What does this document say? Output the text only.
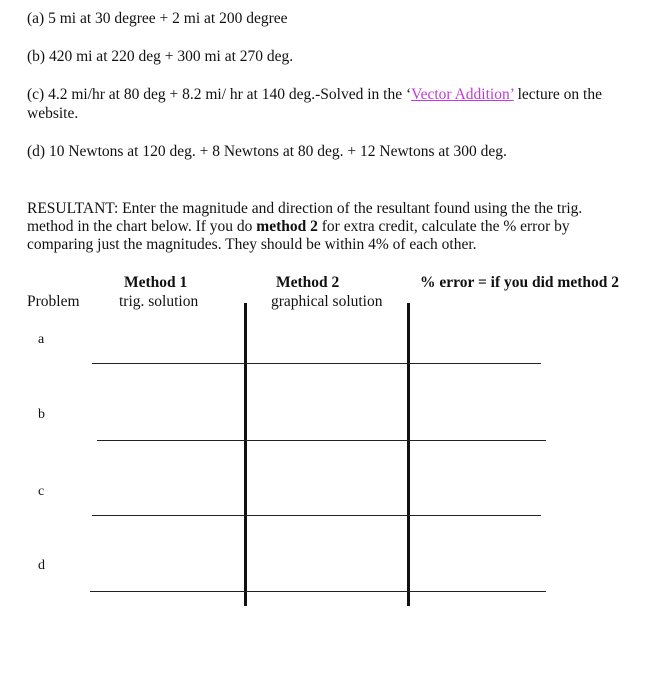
(a) 5 mi at 30 degree + 2 mi at 200 degree
(b) 420 mi at 220 deg + 300 mi at 270 deg.
(c) 4.2 mi/hr at 80 deg + 8.2 mi/ hr at 140 deg.-Solved in the ‘Vector Addition’ lecture on the
website.
(d) 10 Newtons at 120 deg. + 8 Newtons at 80 deg. + 12 Newtons at 300 deg.
RESULTANT: Enter the magnitude and direction of the resultant found using the the trig.
method in the chart below. If you do method 2 for extra credit, calculate the % error by
comparing just the magnitudes. They should be within 4% of each other.
Method 1
trig. solution
Method 2
graphical solution
% error = if you did method 2
Problem
a
b
c
d
